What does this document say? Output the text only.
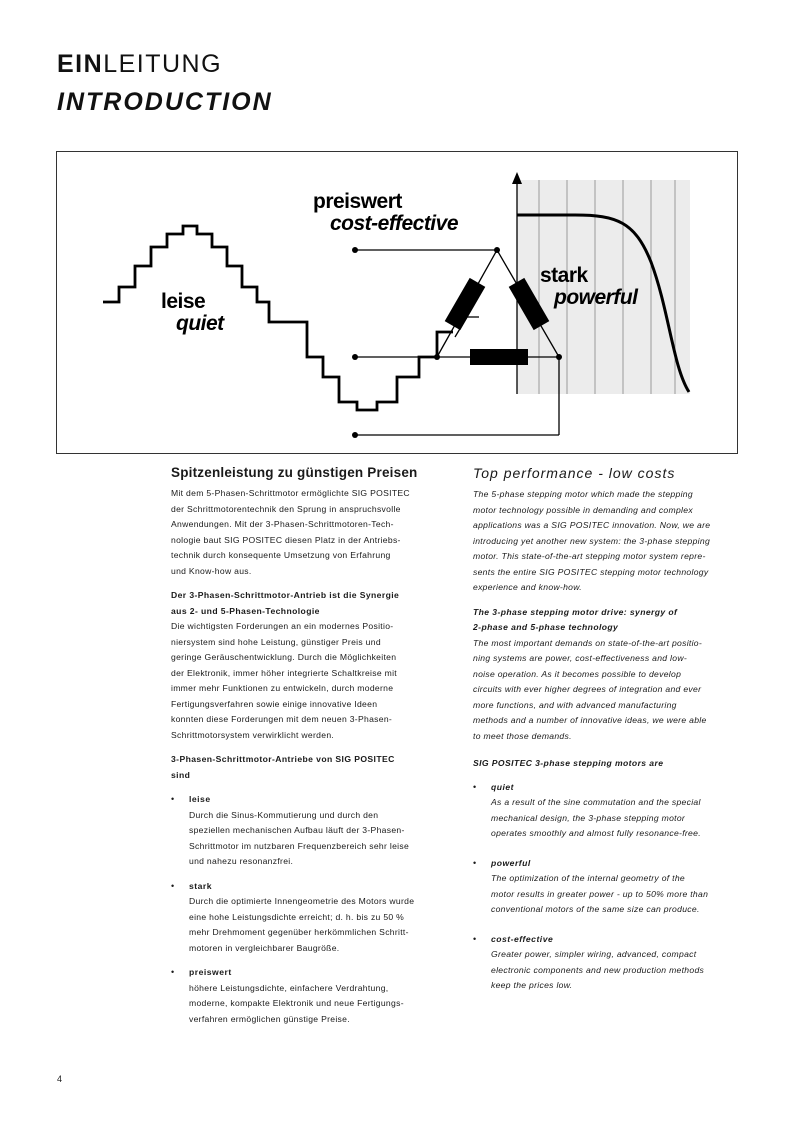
EINLEITUNG
INTRODUCTION
preiswert
cost-effective
leise
quiet
stark
powerful
Spitzenleistung zu günstigen Preisen
Mit dem 5-Phasen-Schrittmotor ermöglichte SIG POSITEC
der Schrittmotorentechnik den Sprung in anspruchsvolle
Anwendungen. Mit der 3-Phasen-Schrittmotoren-Tech-
nologie baut SIG POSITEC diesen Platz in der Antriebs-
technik durch konsequente Umsetzung von Erfahrung
und Know-how aus.
Der 3-Phasen-Schrittmotor-Antrieb ist die Synergie
aus 2- und 5-Phasen-Technologie
Die wichtigsten Forderungen an ein modernes Positio-
niersystem sind hohe Leistung, günstiger Preis und
geringe Geräuschentwicklung. Durch die Möglichkeiten
der Elektronik, immer höher integrierte Schaltkreise mit
immer mehr Funktionen zu entwickeln, durch moderne
Fertigungsverfahren sowie einige innovative Ideen
konnten diese Forderungen mit dem neuen 3-Phasen-
Schrittmotorsystem verwirklicht werden.
3-Phasen-Schrittmotor-Antriebe von SIG POSITEC
sind
• leise
Durch die Sinus-Kommutierung und durch den
speziellen mechanischen Aufbau läuft der 3-Phasen-
Schrittmotor im nutzbaren Frequenzbereich sehr leise
und nahezu resonanzfrei.
• stark
Durch die optimierte Innengeometrie des Motors wurde
eine hohe Leistungsdichte erreicht; d. h. bis zu 50 %
mehr Drehmoment gegenüber herkömmlichen Schritt-
motoren in vergleichbarer Baugröße.
• preiswert
höhere Leistungsdichte, einfachere Verdrahtung,
moderne, kompakte Elektronik und neue Fertigungs-
verfahren ermöglichen günstige Preise.
Top performance - low costs
The 5-phase stepping motor which made the stepping
motor technology possible in demanding and complex
applications was a SIG POSITEC innovation. Now, we are
introducing yet another new system: the 3-phase stepping
motor. This state-of-the-art stepping motor system repre-
sents the entire SIG POSITEC stepping motor technology
experience and know-how.
The 3-phase stepping motor drive: synergy of
2-phase and 5-phase technology
The most important demands on state-of-the-art positio-
ning systems are power, cost-effectiveness and low-
noise operation. As it becomes possible to develop
circuits with ever higher degrees of integration and ever
more functions, and with advanced manufacturing
methods and a number of innovative ideas, we were able
to meet those demands.
SIG POSITEC 3-phase stepping motors are
• quiet
As a result of the sine commutation and the special
mechanical design, the 3-phase stepping motor
operates smoothly and almost fully resonance-free.
• powerful
The optimization of the internal geometry of the
motor results in greater power - up to 50% more than
conventional motors of the same size can produce.
• cost-effective
Greater power, simpler wiring, advanced, compact
electronic components and new production methods
keep the prices low.
4
